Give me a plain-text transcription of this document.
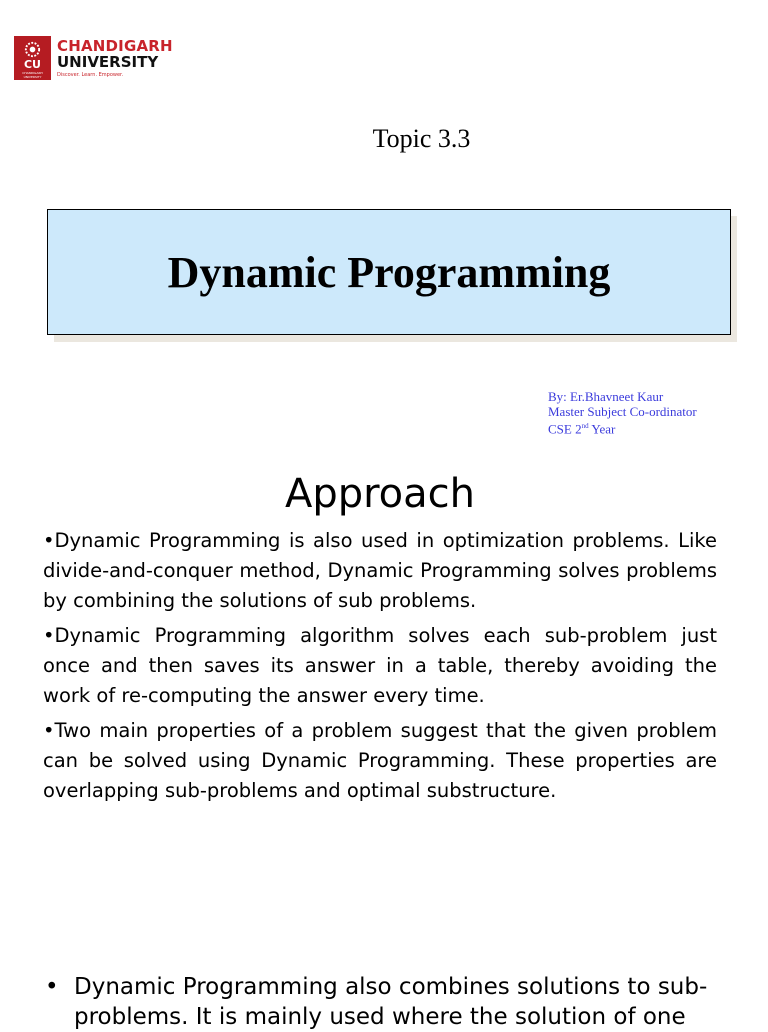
CU
CHANDIGARH UNIVERSITY
CHANDIGARH
UNIVERSITY
Discover. Learn. Empower.
Topic 3.3
Dynamic Programming
By: Er.Bhavneet Kaur
Master Subject Co-ordinator
CSE 2nd Year
Approach

•Dynamic Programming is also used in optimization problems. Like divide-and-conquer method, Dynamic Programming solves problems by combining the solutions of sub problems.

•Dynamic Programming algorithm solves each sub-problem just once and then saves its answer in a table, thereby avoiding the work of re-computing the answer every time.

•Two main properties of a problem suggest that the given problem can be solved using Dynamic Programming. These properties are overlapping sub-problems and optimal substructure.

• Dynamic Programming also combines solutions to sub-problems. It is mainly used where the solution of one
